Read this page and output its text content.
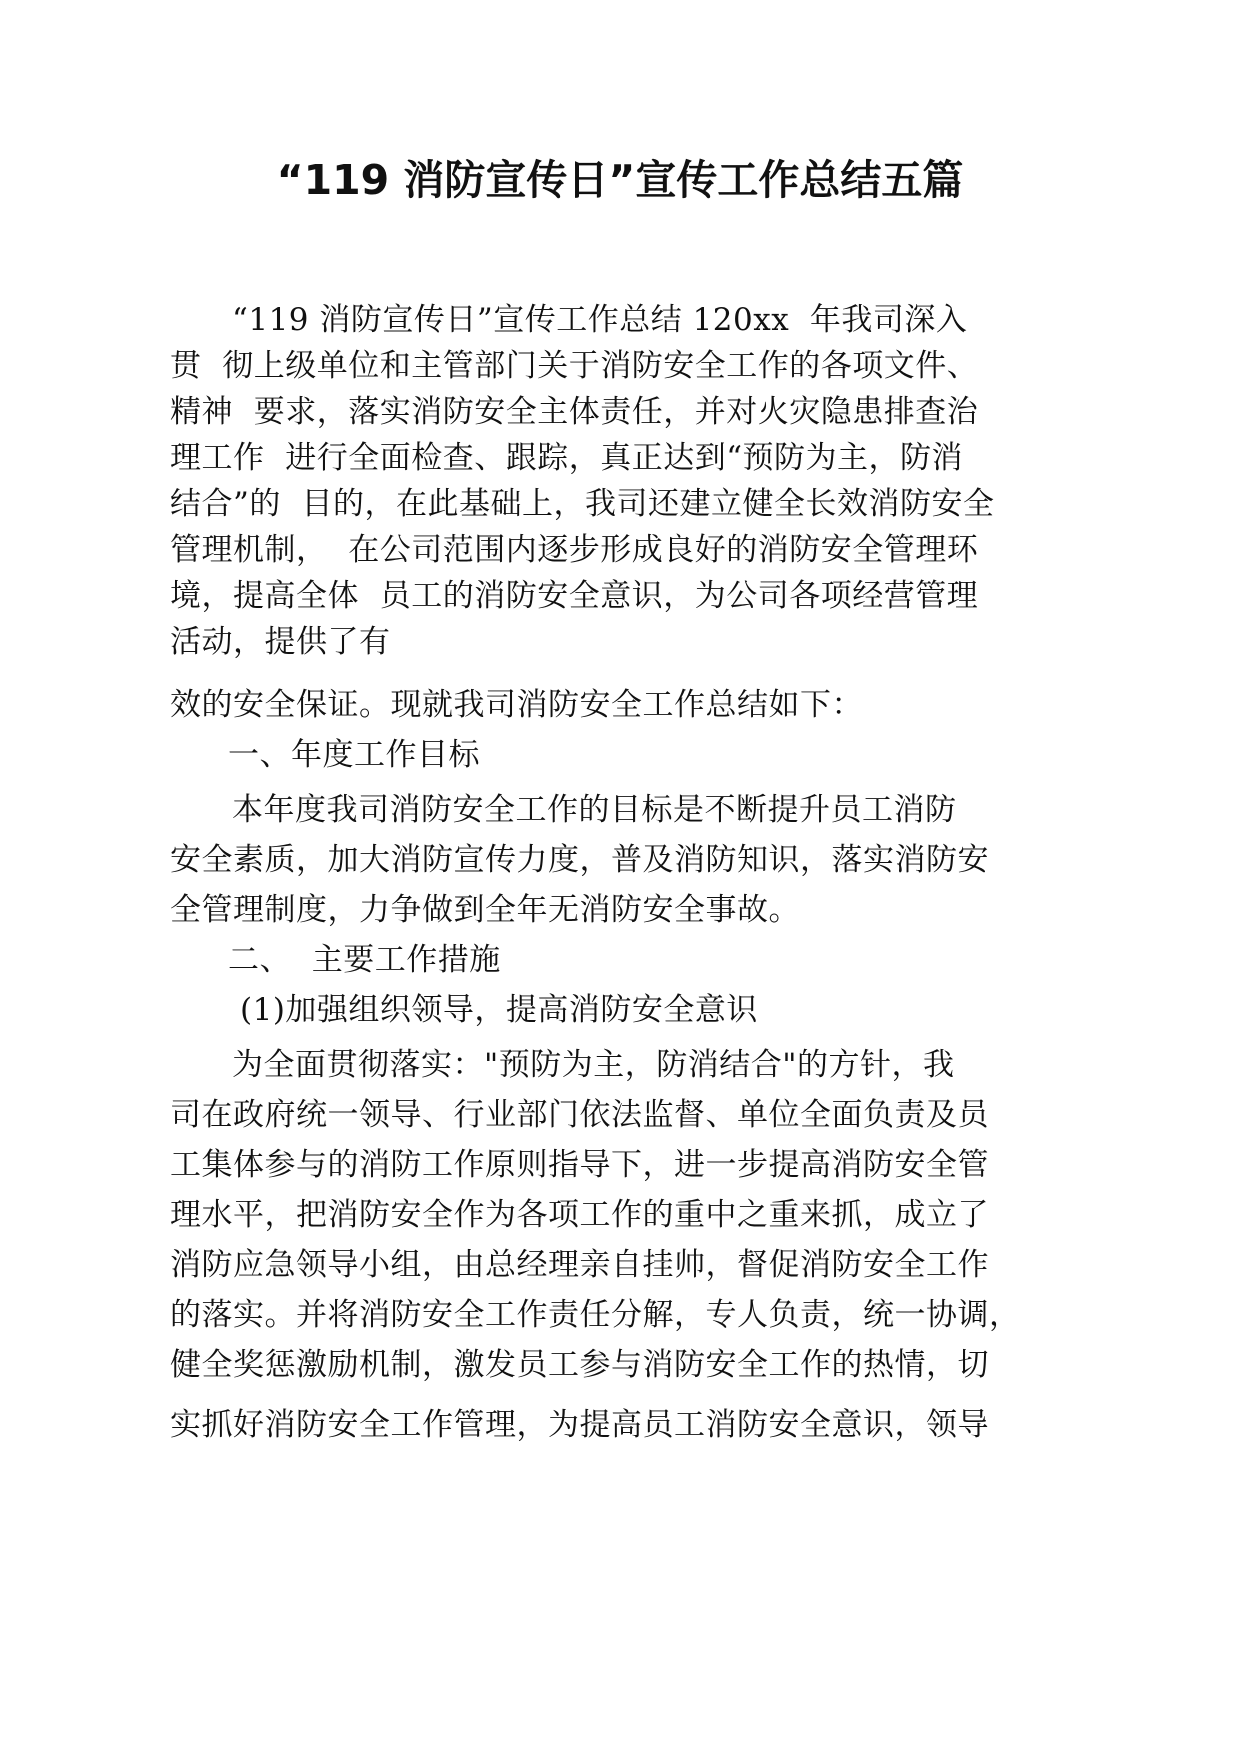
“119 消防宣传日”宣传工作总结五篇
“119 消防宣传日”宣传工作总结 120xx  年我司深入
贯  彻上级单位和主管部门关于消防安全工作的各项文件、
精神  要求，落实消防安全主体责任，并对火灾隐患排查治
理工作  进行全面检查、跟踪，真正达到“预防为主，防消
结合”的  目的，在此基础上，我司还建立健全长效消防安全
管理机制，  在公司范围内逐步形成良好的消防安全管理环
境，提高全体  员工的消防安全意识，为公司各项经营管理
活动，提供了有
效的安全保证。现就我司消防安全工作总结如下：
一、年度工作目标
本年度我司消防安全工作的目标是不断提升员工消防
安全素质，加大消防宣传力度，普及消防知识，落实消防安
全管理制度，力争做到全年无消防安全事故。
二、  主要工作措施
(1)加强组织领导，提高消防安全意识
为全面贯彻落实："预防为主，防消结合"的方针，我
司在政府统一领导、行业部门依法监督、单位全面负责及员
工集体参与的消防工作原则指导下，进一步提高消防安全管
理水平，把消防安全作为各项工作的重中之重来抓，成立了
消防应急领导小组，由总经理亲自挂帅，督促消防安全工作
的落实。并将消防安全工作责任分解，专人负责，统一协调，
健全奖惩激励机制，激发员工参与消防安全工作的热情，切
实抓好消防安全工作管理，为提高员工消防安全意识，领导
